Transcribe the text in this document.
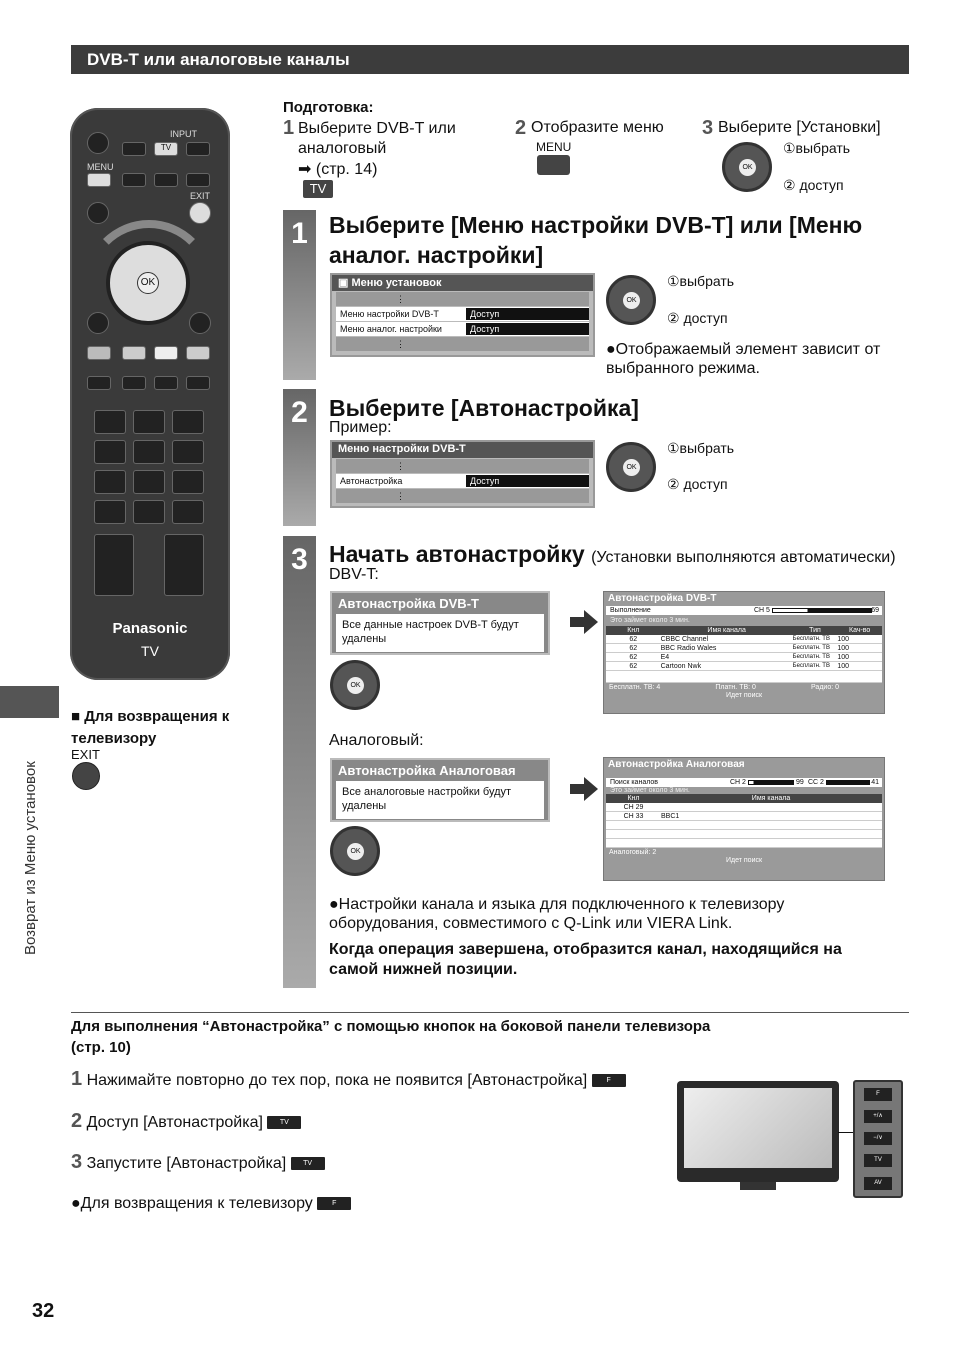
DVB-T или аналоговые каналы
Возврат из Меню установок
32
INPUT
TV
MENU
EXIT
OK
Panasonic
TV
■ Для возвращения к телевизору
EXIT
Подготовка:
1 Выберите DVB-T или аналоговый
➡ (стр. 14)
TV
2 Отобразите меню
MENU
3 Выберите [Установки]
OK
①выбрать
② доступ
1 Выберите [Меню настройки DVB-T] или [Меню аналог. настройки]
▣ Меню установок
⋮
Меню настройки DVB-T	Доступ
Меню аналог. настройки	Доступ
⋮
OK
①выбрать
② доступ
●Отображаемый элемент зависит от выбранного режима.
2 Выберите [Автонастройка]
Пример:
Меню настройки DVB-T
⋮
Автонастройка	Доступ
⋮
OK
①выбрать
② доступ
3 Начать автонастройку (Установки выполняются автоматически)
DBV-T:
Автонастройка DVB-T
Все данные настроек DVB-T будут удалены
OK
Автонастройка DVB-T
Выполнение	CH 5	69
Это займет около 3 мин.
Кнл	Имя канала	Тип	Кач-во
62	CBBC Channel	Бесплатн. ТВ	100
62	BBC Radio Wales	Бесплатн. ТВ	100
62	E4	Бесплатн. ТВ	100
62	Cartoon Nwk	Бесплатн. ТВ	100
Бесплатн. ТВ: 4	Платн. ТВ: 0	Радио: 0
Идет поиск
Аналоговый:
Автонастройка Аналоговая
Все аналоговые настройки будут удалены
OK
Автонастройка Аналоговая
Поиск каналов	CH 2	99 CC 2	41
Это займет около 3 мин.
Кнл	Имя канала
CH 29
CH 33	BBC1
Аналоговый: 2
Идет поиск
●Настройки канала и языка для подключенного к телевизору оборудования, совместимого с Q-Link или VIERA Link.
Когда операция завершена, отобразится канал, находящийся на самой нижней позиции.
Для выполнения “Автонастройка” с помощью кнопок на боковой панели телевизора (стр. 10)
1 Нажимайте повторно до тех пор, пока не появится [Автонастройка]	F
2 Доступ [Автонастройка] TV
3 Запустите [Автонастройка] TV
●Для возвращения к телевизору	F
F
+/∧
−/∨
TV
AV
